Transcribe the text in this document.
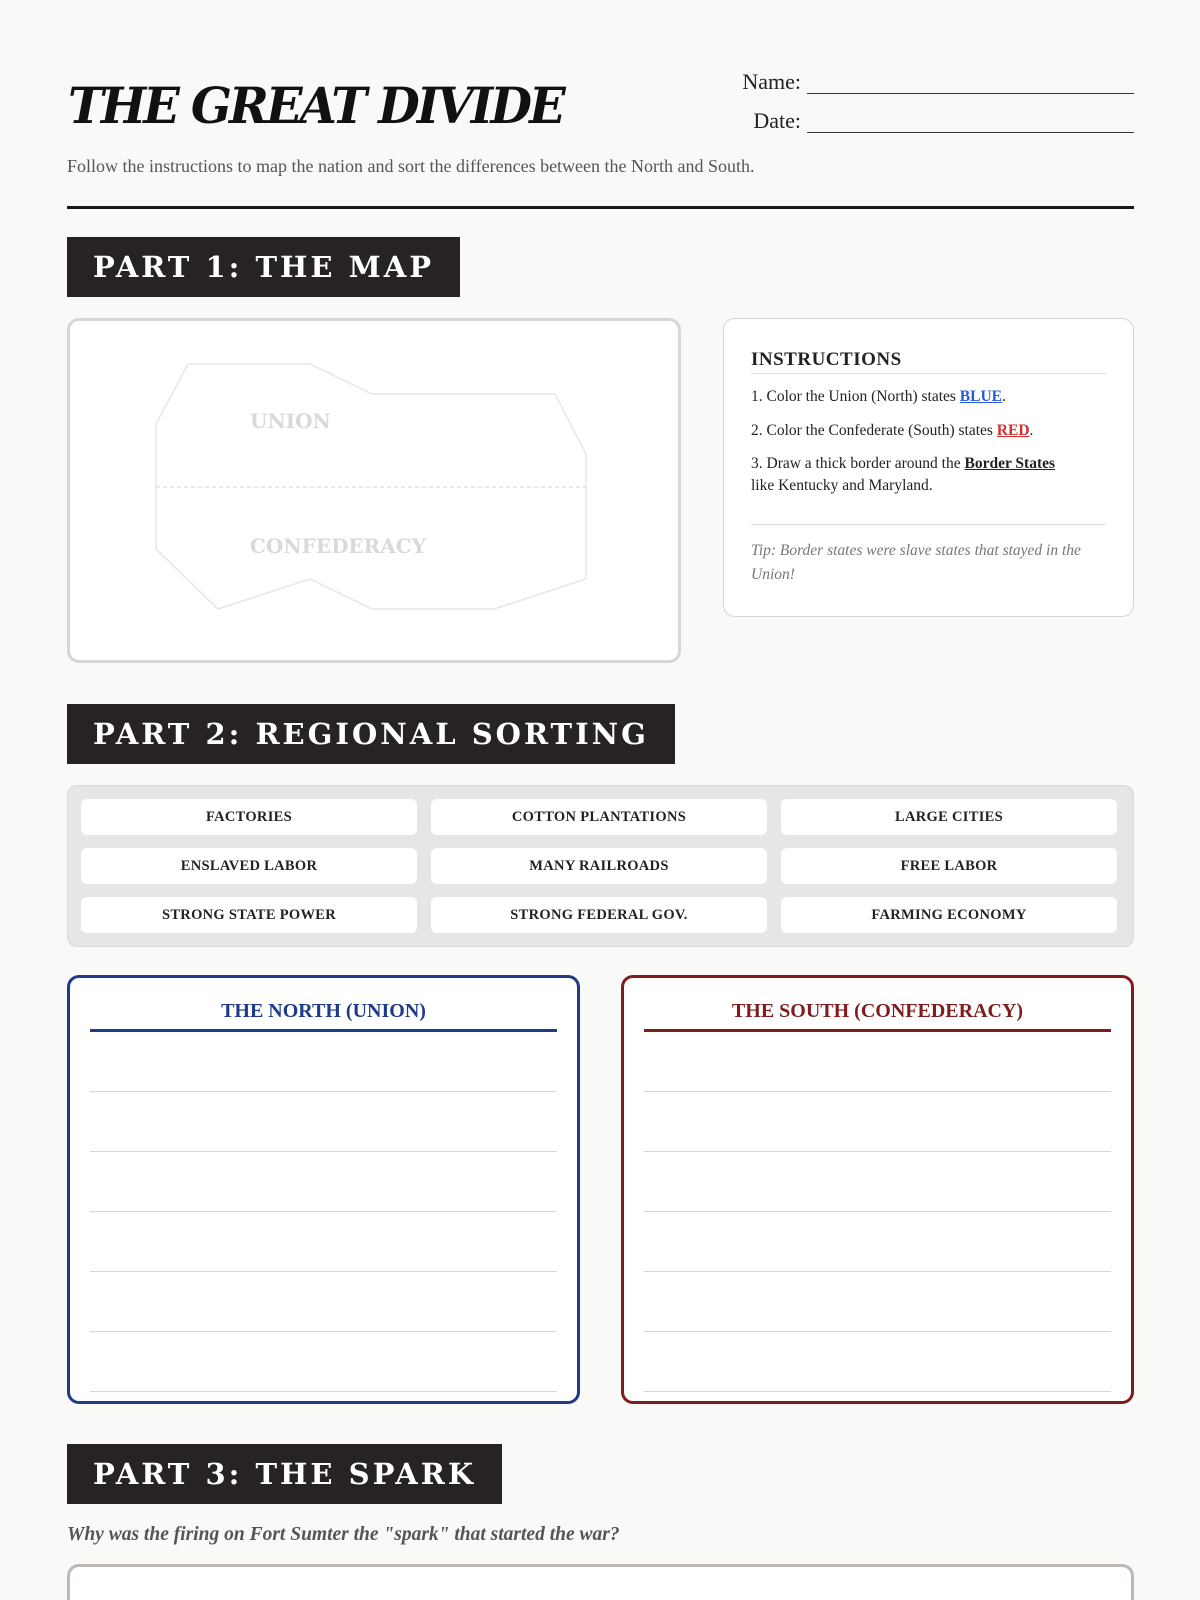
THE GREAT DIVIDE	Name:
Date:
Follow the instructions to map the nation and sort the differences between the North and South.
PART 1: THE MAP
UNION
CONFEDERACY
INSTRUCTIONS
1. Color the Union (North) states BLUE.
2. Color the Confederate (South) states RED.
3. Draw a thick border around the Border States
like Kentucky and Maryland.
Tip: Border states were slave states that stayed in the Union!
PART 2: REGIONAL SORTING
FACTORIES	COTTON PLANTATIONS	LARGE CITIES
ENSLAVED LABOR	MANY RAILROADS	FREE LABOR
STRONG STATE POWER	STRONG FEDERAL GOV.	FARMING ECONOMY
THE NORTH (UNION)	THE SOUTH (CONFEDERACY)
PART 3: THE SPARK
Why was the firing on Fort Sumter the "spark" that started the war?
